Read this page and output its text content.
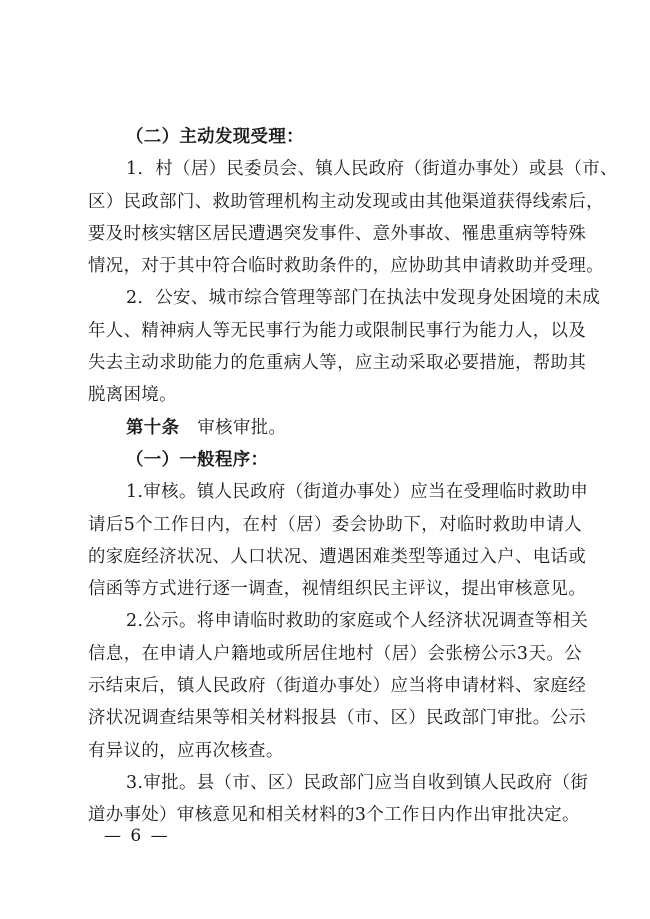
（二）主动发现受理：
1．村（居）民委员会、镇人民政府（街道办事处）或县（市、
区）民政部门、救助管理机构主动发现或由其他渠道获得线索后，
要及时核实辖区居民遭遇突发事件、意外事故、罹患重病等特殊
情况，对于其中符合临时救助条件的，应协助其申请救助并受理。
2．公安、城市综合管理等部门在执法中发现身处困境的未成
年人、精神病人等无民事行为能力或限制民事行为能力人，以及
失去主动求助能力的危重病人等，应主动采取必要措施，帮助其
脱离困境。
第十条 审核审批。
（一）一般程序：
1.审核。镇人民政府（街道办事处）应当在受理临时救助申
请后5个工作日内，在村（居）委会协助下，对临时救助申请人
的家庭经济状况、人口状况、遭遇困难类型等通过入户、电话或
信函等方式进行逐一调查，视情组织民主评议，提出审核意见。
2.公示。将申请临时救助的家庭或个人经济状况调查等相关
信息，在申请人户籍地或所居住地村（居）会张榜公示3天。公
示结束后，镇人民政府（街道办事处）应当将申请材料、家庭经
济状况调查结果等相关材料报县（市、区）民政部门审批。公示
有异议的，应再次核查。
3.审批。县（市、区）民政部门应当自收到镇人民政府（街
道办事处）审核意见和相关材料的3个工作日内作出审批决定。
— 6 —
